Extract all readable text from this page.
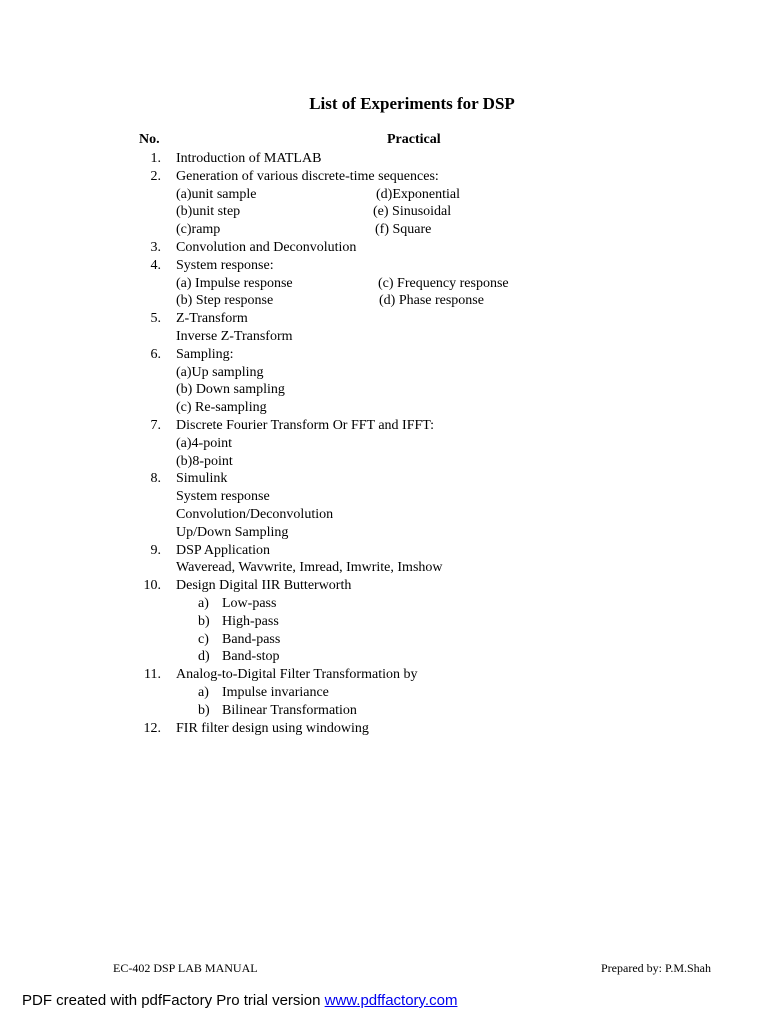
List of Experiments for DSP
No.	Practical
1. Introduction of MATLAB
2. Generation of various discrete-time sequences:
(a)unit sample	(d)Exponential
(b)unit step	(e) Sinusoidal
(c)ramp	(f) Square
3. Convolution and Deconvolution
4. System response:
(a) Impulse response	(c) Frequency response
(b) Step response	(d) Phase response
5. Z-Transform
Inverse Z-Transform
6. Sampling:
(a)Up sampling
(b) Down sampling
(c) Re-sampling
7. Discrete Fourier Transform Or FFT and IFFT:
(a)4-point
(b)8-point
8. Simulink
System response
Convolution/Deconvolution
Up/Down Sampling
9. DSP Application
Waveread, Wavwrite, Imread, Imwrite, Imshow
10. Design Digital IIR Butterworth
a) Low-pass
b) High-pass
c) Band-pass
d) Band-stop
11. Analog-to-Digital Filter Transformation by
a) Impulse invariance
b) Bilinear Transformation
12. FIR filter design using windowing
EC-402 DSP LAB MANUAL	Prepared by: P.M.Shah
PDF created with pdfFactory Pro trial version www.pdffactory.com
